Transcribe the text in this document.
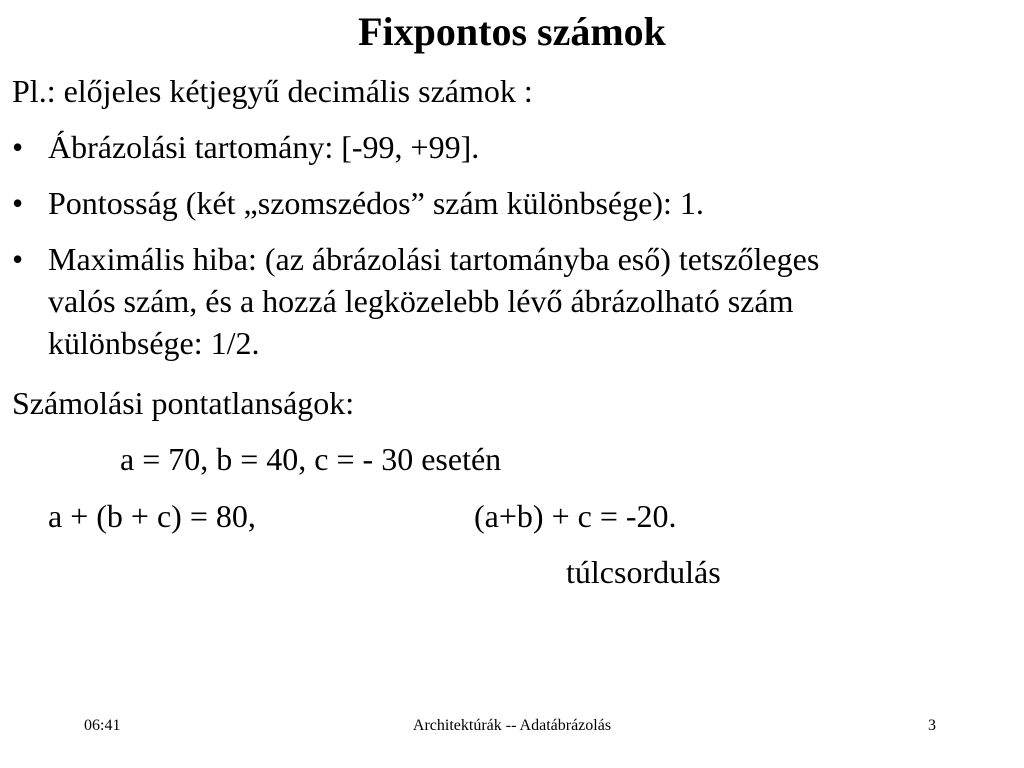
Fixpontos számok

Pl.: előjeles kétjegyű decimális számok :

• Ábrázolási tartomány: [-99, +99].
• Pontosság (két „szomszédos” szám különbsége): 1.
• Maximális hiba: (az ábrázolási tartományba eső) tetszőleges
valós szám, és a hozzá legközelebb lévő ábrázolható szám
különbsége: 1/2.

Számolási pontatlanságok:

a = 70, b = 40, c = - 30 esetén

a + (b + c) = 80,	(a+b) + c = -20.

túlcsordulás

06:41	Architektúrák -- Adatábrázolás	3
